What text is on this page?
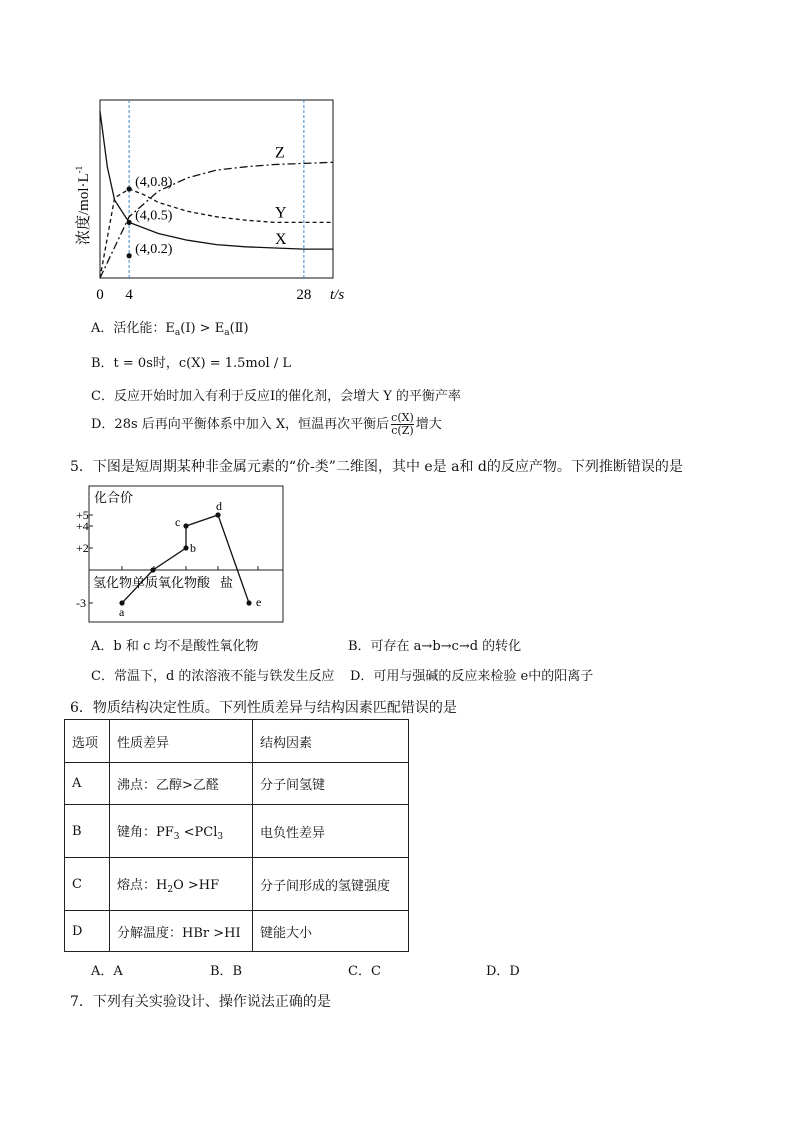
Z
Y
X
(4,0.8)
(4,0.5)
(4,0.2)
0 4	28
浓度$/mol\cdot L^{-1}$
t/s
A．活化能：$E_a(Ⅰ)$ > $E_a(Ⅱ)$
B．t = 0s时，c(X) = 1.5mol / L
C．反应开始时加入有利于反应Ⅰ的催化剂，会增大 Y 的平衡产率
D．28s 后再向平衡体系中加入 X，恒温再次平衡后 $\frac{c(X)}{c(Z)}$ 增大
5．下图是短周期某种非金属元素的“价-类”二维图，其中 e是 a和 d的反应产物。下列推断错误的是
+5
+4
+2
-3
氢化物 单质 氧化物 酸 盐
a
b
c
d
e
化合价
A．b 和 c 均不是酸性氧化物	B．可存在 a→b→c→d 的转化
C．常温下，d 的浓溶液不能与铁发生反应 D．可用与强碱的反应来检验 e中的阳离子
6．物质结构决定性质。下列性质差异与结构因素匹配错误的是
选项	性质差异	结构因素
A	沸点：乙醇>乙醛	分子间氢键
B	键角：$PF_3 <PCl_3$	电负性差异
C	熔点：$H_2O >HF$	分子间形成的氢键强度
D	分解温度：HBr >HI	键能大小
A．A	B．B	C．C	D．D
7．下列有关实验设计、操作说法正确的是
